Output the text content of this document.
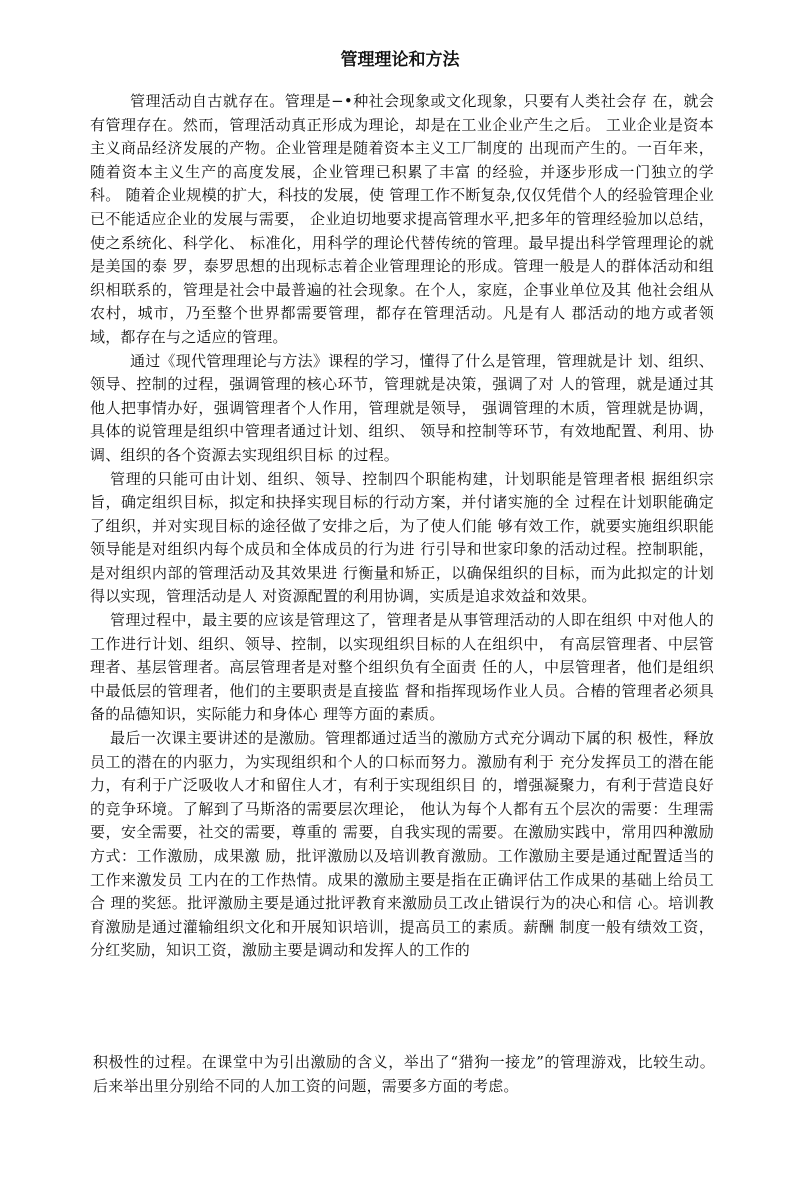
管理理论和方法

管理活动自古就存在。管理是−•种社会现象或文化现象，只要有人类社会存 在，就会有管理存在。然而，管理活动真正形成为理论，却是在工业企业产生之后。 工业企业是资本主义商品经济发展的产物。企业管理是随着资本主义工厂制度的 出现而产生的。一百年来，随着资本主义生产的高度发展，企业管理已积累了丰富 的经验，并逐步形成一门独立的学科。 随着企业规模的扩大，科技的发展，使 管理工作不断复杂,仅仅凭借个人的经验管理企业已不能适应企业的发展与需要， 企业迫切地要求提高管理水平,把多年的管理经验加以总结，使之系统化、科学化、 标准化，用科学的理论代替传统的管理。最早提出科学管理理论的就是美国的泰 罗，泰罗思想的出现标志着企业管理理论的形成。管理一般是人的群体活动和组 织相联系的，管理是社会中最普遍的社会现象。在个人，家庭，企事业单位及其 他社会组从农村，城市，乃至整个世界都需要管理，都存在管理活动。凡是有人 郡活动的地方或者领域，都存在与之适应的管理。

通过《现代管理理论与方法》课程的学习，懂得了什么是管理，管理就是计 划、组织、领导、控制的过程，强调管理的核心环节，管理就是决策，强调了对 人的管理，就是通过其他人把事情办好，强调管理者个人作用，管理就是领导， 强调管理的木质，管理就是协调，具体的说管理是组织中管理者通过计划、组织、 领导和控制等环节，有效地配置、利用、协调、组织的各个资源去实现组织目标 的过程。

管理的只能可由计划、组织、领导、控制四个职能构建，计划职能是管理者根 据组织宗旨，确定组织目标，拟定和抉择实现目标的行动方案，并付诸实施的全 过程在计划职能确定了组织，并对实现目标的途径做了安排之后，为了使人们能 够有效工作，就要实施组织职能领导能是对组织内每个成员和全体成员的行为进 行引导和世家印象的活动过程。控制职能，是对组织内部的管理活动及其效果进 行衡量和矫正，以确保组织的目标，而为此拟定的计划得以实现，管理活动是人 对资源配置的利用协调，实质是追求效益和效果。

管理过程中，最主要的应该是管理这了，管理者是从事管理活动的人即在组织 中对他人的工作进行计划、组织、领导、控制，以实现组织目标的人在组织中， 有高层管理者、中层管理者、基层管理者。高层管理者是对整个组织负有全面责 任的人，中层管理者，他们是组织中最低层的管理者，他们的主要职责是直接监 督和指挥现场作业人员。合樁的管理者必须具备的品德知识，实际能力和身体心 理等方面的素质。

最后一次课主要讲述的是激励。管理都通过适当的激励方式充分调动下属的积 极性，释放员工的潜在的内驱力，为实现组织和个人的口标而努力。激励有利于 充分发挥员工的潜在能力，有利于广泛吸收人才和留住人才，有利于实现组织目 的，增强凝聚力，有利于营造良好的竞争环境。了解到了马斯洛的需要层次理论， 他认为每个人都有五个层次的需要：生理需要，安全需要，社交的需要，尊重的 需要，自我实现的需要。在激励实践中，常用四种激励方式：工作激励，成果激 励，批评激励以及培训教育激励。工作激励主要是通过配置适当的工作来激发员 工内在的工作热情。成果的激励主要是指在正确评估工作成果的基础上给员工合 理的奖惩。批评激励主要是通过批评教育来激励员工改止错误行为的决心和信 心。培训教育激励是通过灌输组织文化和开展知识培训，提高员工的素质。薪酬 制度一般有绩效工资，分红奖励，知识工资，激励主要是调动和发挥人的工作的

积极性的过程。在课堂中为引出激励的含义，举出了“猎狗一接龙”的管理游戏，比较生动。后来举出里分别给不同的人加工资的问题，需要多方面的考虑。
